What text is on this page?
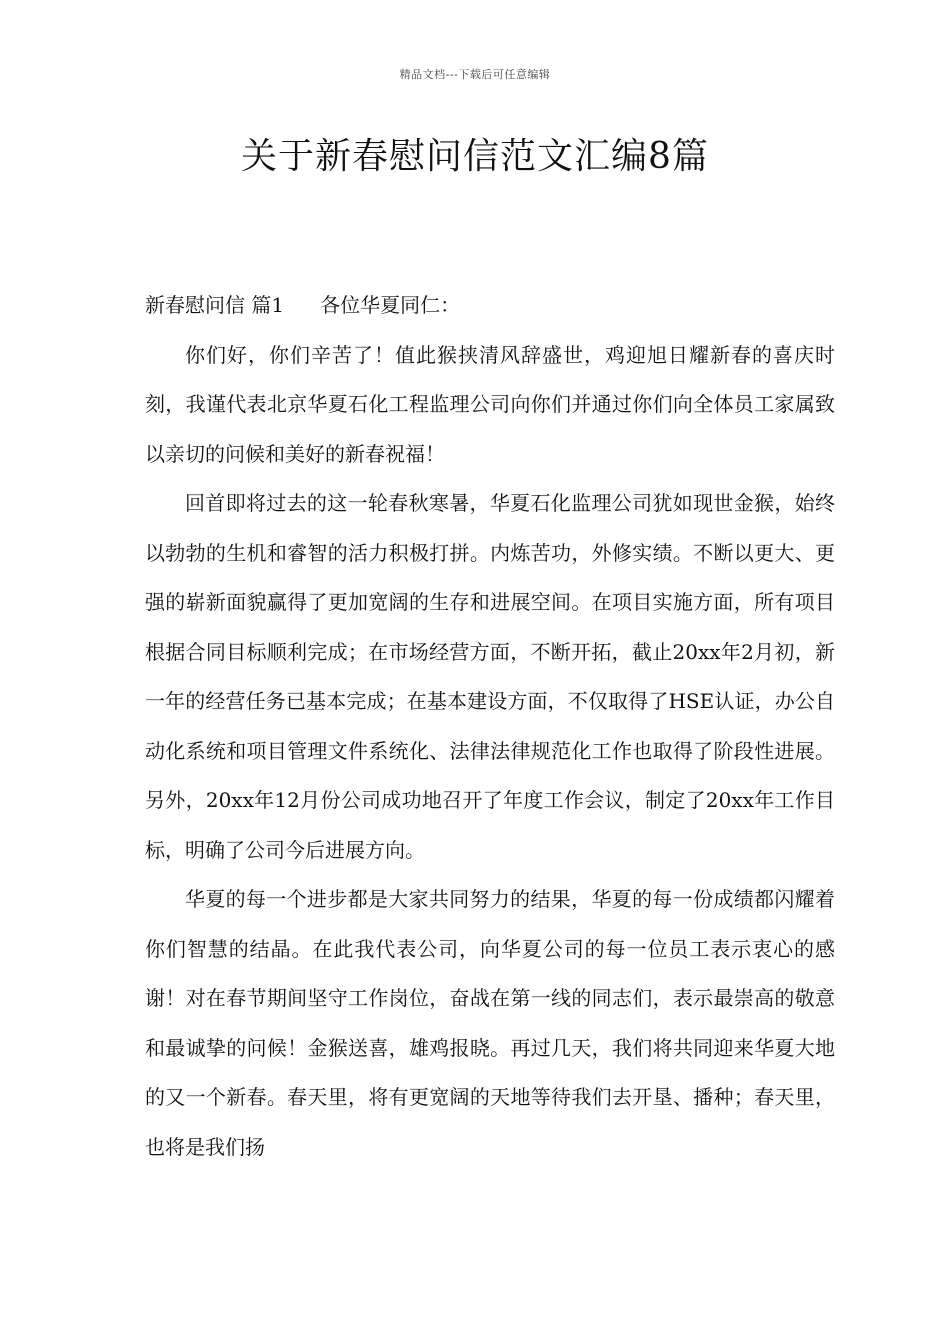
精品文档---下载后可任意编辑
关于新春慰问信范文汇编8篇

新春慰问信 篇1 各位华夏同仁：

你们好，你们辛苦了！值此猴挟清风辞盛世，鸡迎旭日耀新春的喜庆时刻，我谨代表北京华夏石化工程监理公司向你们并通过你们向全体员工家属致以亲切的问候和美好的新春祝福！

回首即将过去的这一轮春秋寒暑，华夏石化监理公司犹如现世金猴，始终以勃勃的生机和睿智的活力积极打拼。内炼苦功，外修实绩。不断以更大、更强的崭新面貌赢得了更加宽阔的生存和进展空间。在项目实施方面，所有项目根据合同目标顺利完成；在市场经营方面，不断开拓，截止20xx年2月初，新一年的经营任务已基本完成；在基本建设方面，不仅取得了HSE认证，办公自动化系统和项目管理文件系统化、法律法律规范化工作也取得了阶段性进展。另外，20xx年12月份公司成功地召开了年度工作会议，制定了20xx年工作目标，明确了公司今后进展方向。

华夏的每一个进步都是大家共同努力的结果，华夏的每一份成绩都闪耀着你们智慧的结晶。在此我代表公司，向华夏公司的每一位员工表示衷心的感谢！对在春节期间坚守工作岗位，奋战在第一线的同志们，表示最崇高的敬意和最诚挚的问候！金猴送喜，雄鸡报晓。再过几天，我们将共同迎来华夏大地的又一个新春。春天里，将有更宽阔的天地等待我们去开垦、播种；春天里，也将是我们扬
